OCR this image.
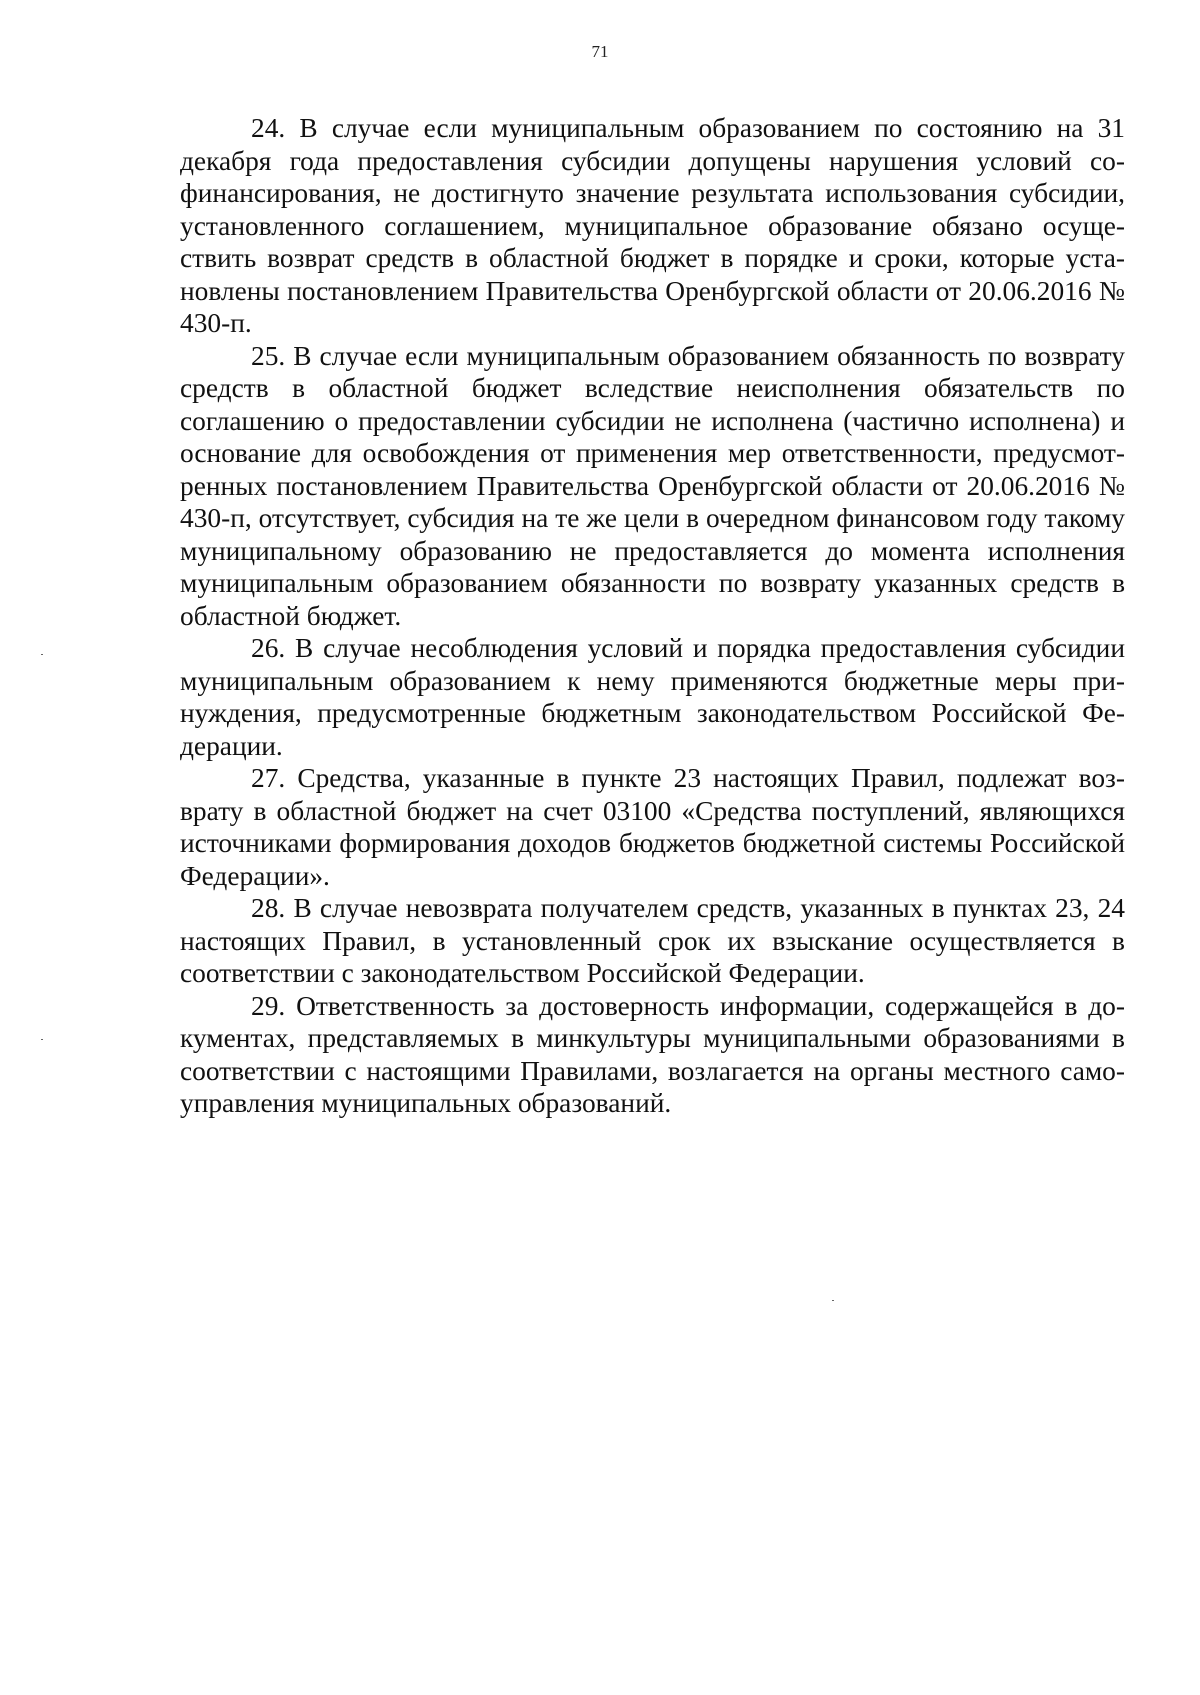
71

24. В случае если муниципальным образованием по состоянию на 31 декабря года предоставления субсидии допущены нарушения условий софинансирования, не достигнуто значение результата использования субсидии, установленного соглашением, муниципальное образование обязано осуществить возврат средств в областной бюджет в порядке и сроки, которые установлены постановлением Правительства Оренбургской области от 20.06.2016 № 430-п.

25. В случае если муниципальным образованием обязанность по возврату средств в областной бюджет вследствие неисполнения обязательств по соглашению о предоставлении субсидии не исполнена (частично исполнена) и основание для освобождения от применения мер ответственности, предусмотренных постановлением Правительства Оренбургской области от 20.06.2016 № 430-п, отсутствует, субсидия на те же цели в очередном финансовом году такому муниципальному образованию не предоставляется до момента исполнения муниципальным образованием обязанности по возврату указанных средств в областной бюджет.

26. В случае несоблюдения условий и порядка предоставления субсидии муниципальным образованием к нему применяются бюджетные меры принуждения, предусмотренные бюджетным законодательством Российской Федерации.

27. Средства, указанные в пункте 23 настоящих Правил, подлежат возврату в областной бюджет на счет 03100 «Средства поступлений, являющихся источниками формирования доходов бюджетов бюджетной системы Российской Федерации».

28. В случае невозврата получателем средств, указанных в пунктах 23, 24 настоящих Правил, в установленный срок их взыскание осуществляется в соответствии с законодательством Российской Федерации.

29. Ответственность за достоверность информации, содержащейся в документах, представляемых в минкультуры муниципальными образованиями в соответствии с настоящими Правилами, возлагается на органы местного самоуправления муниципальных образований.
